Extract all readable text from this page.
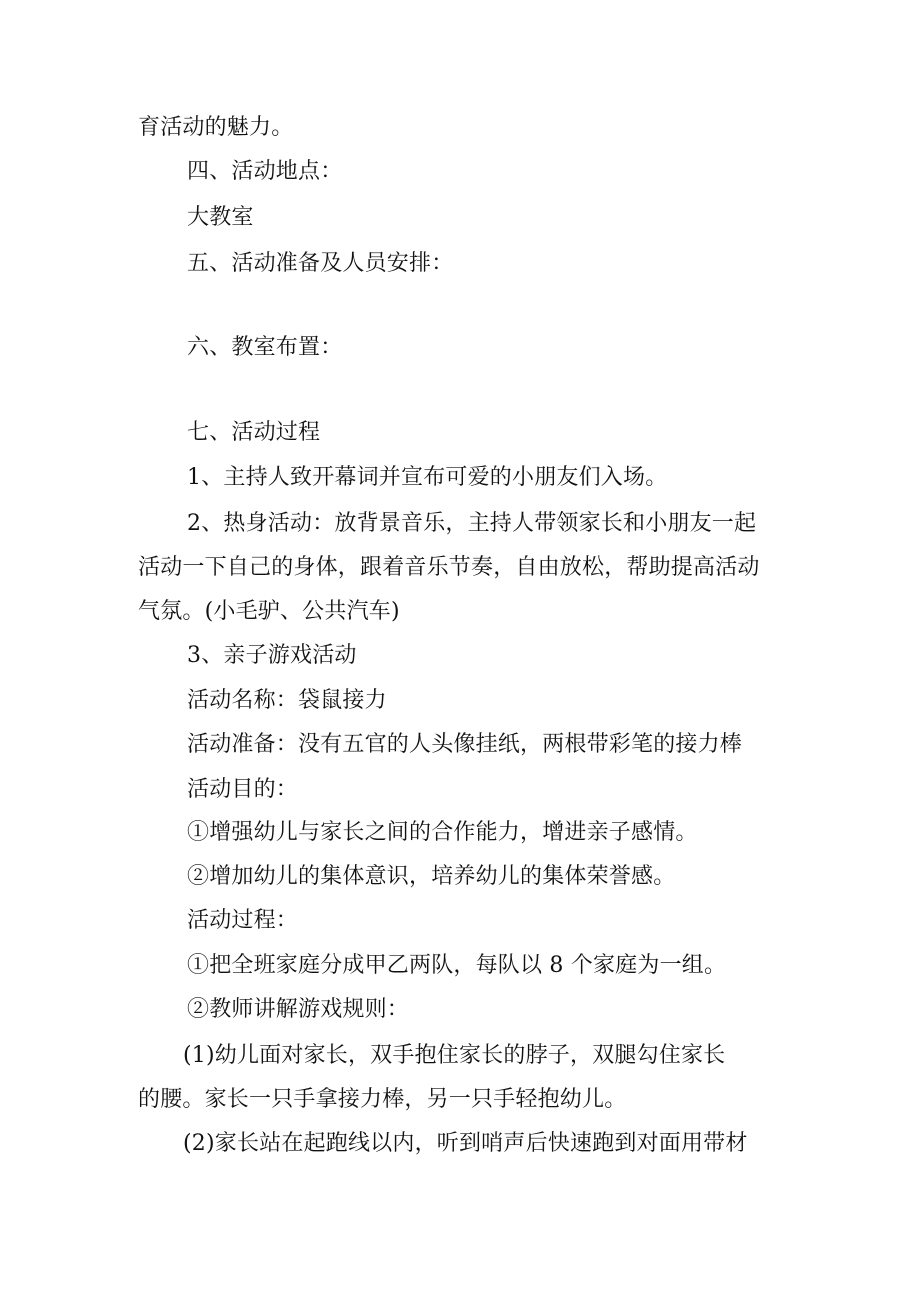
育活动的魅力。
四、活动地点：
大教室
五、活动准备及人员安排：
六、教室布置：
七、活动过程
1、主持人致开幕词并宣布可爱的小朋友们入场。
2、热身活动：放背景音乐，主持人带领家长和小朋友一起
活动一下自己的身体，跟着音乐节奏，自由放松，帮助提高活动
气氛。(小毛驴、公共汽车)
3、亲子游戏活动
活动名称：袋鼠接力
活动准备：没有五官的人头像挂纸，两根带彩笔的接力棒
活动目的：
①增强幼儿与家长之间的合作能力，增进亲子感情。
②增加幼儿的集体意识，培养幼儿的集体荣誉感。
活动过程：
①把全班家庭分成甲乙两队，每队以 8 个家庭为一组。
②教师讲解游戏规则：
(1)幼儿面对家长，双手抱住家长的脖子，双腿勾住家长
的腰。家长一只手拿接力棒，另一只手轻抱幼儿。
(2)家长站在起跑线以内，听到哨声后快速跑到对面用带材
